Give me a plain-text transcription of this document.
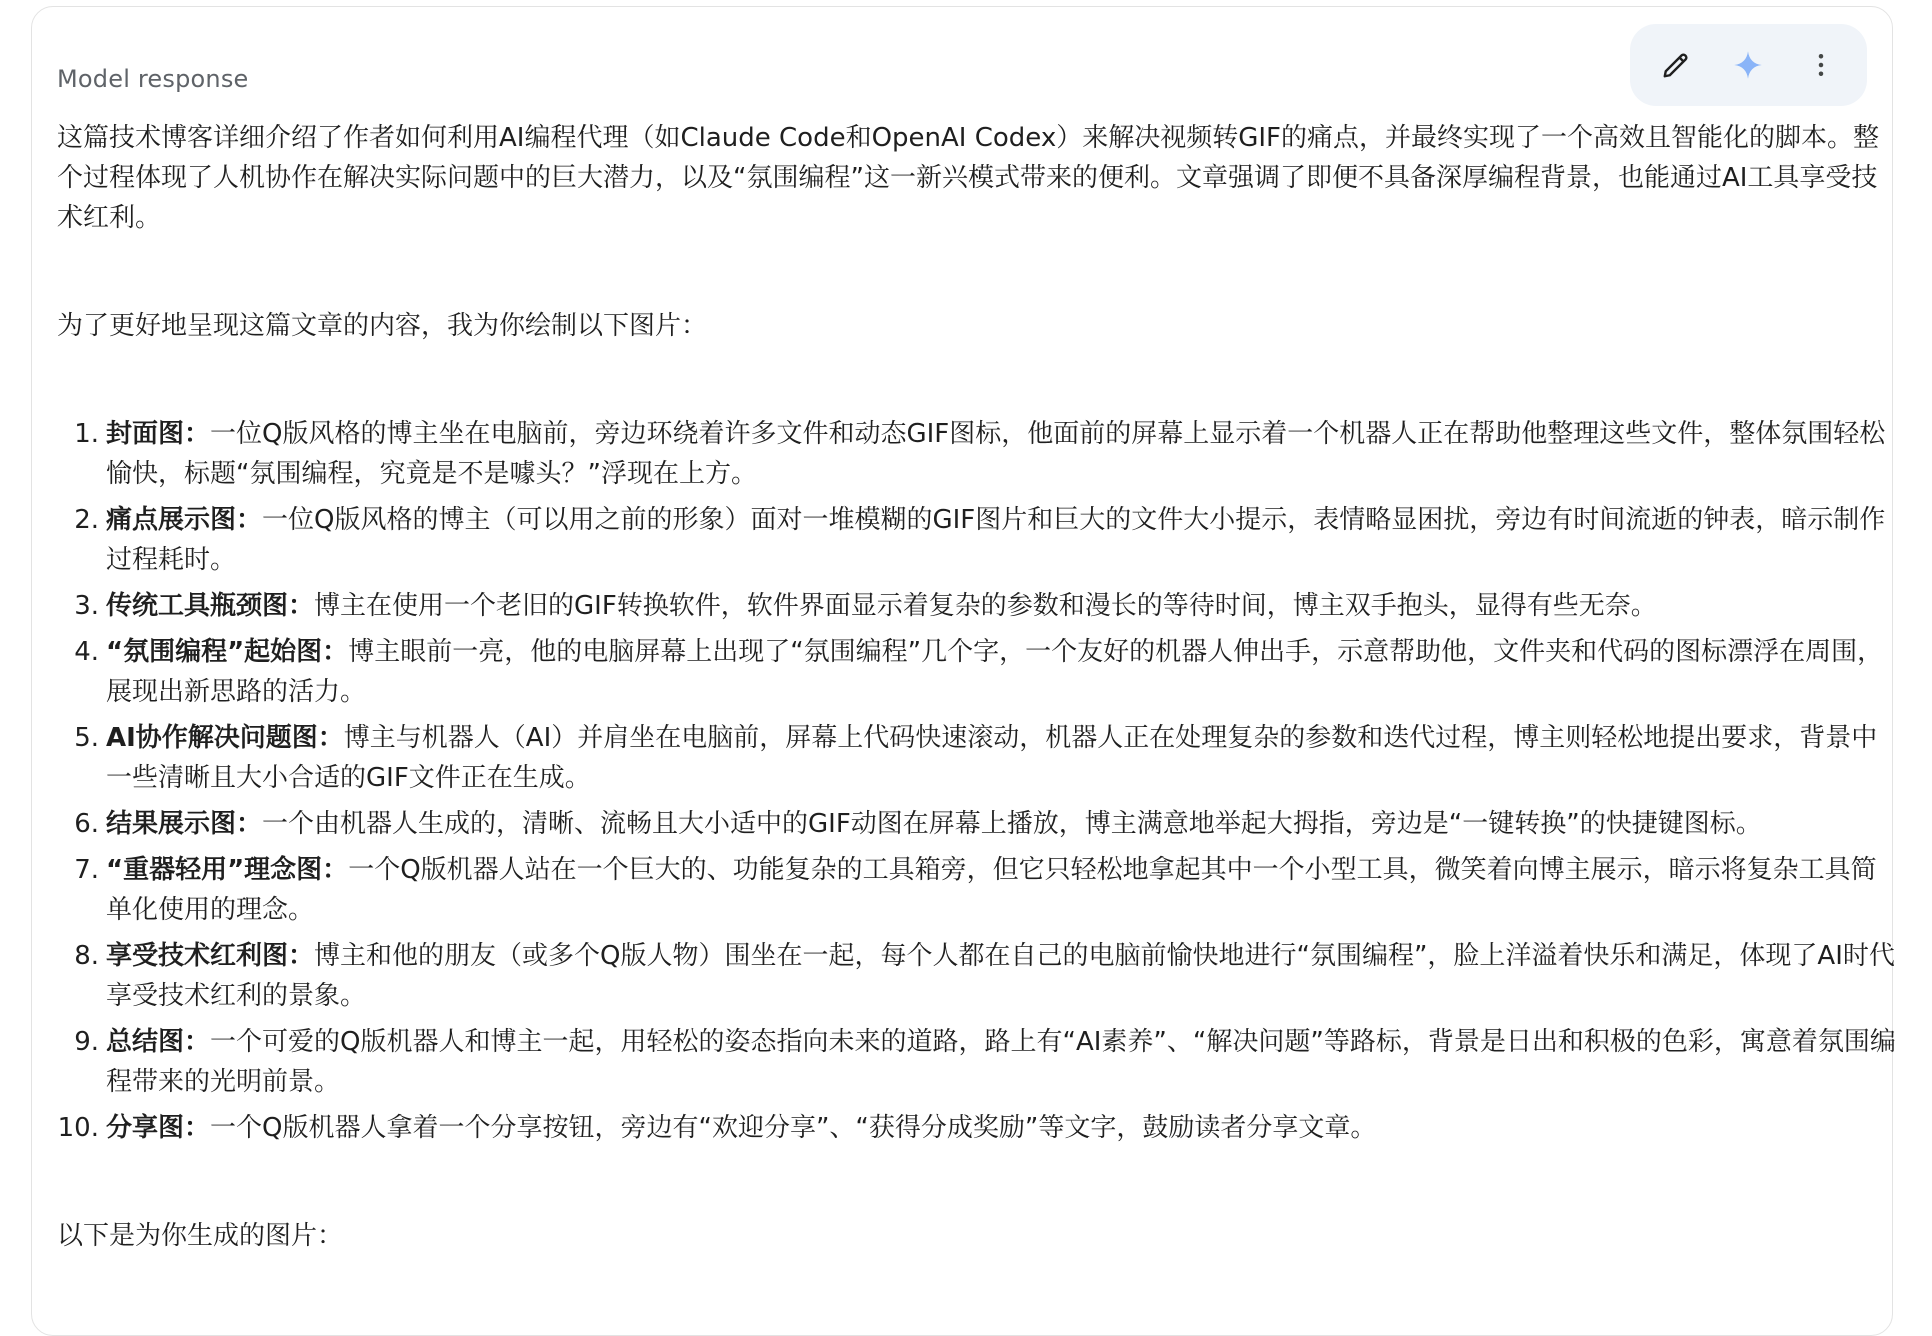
Model response

这篇技术博客详细介绍了作者如何利用AI编程代理（如Claude Code和OpenAI Codex）来解决视频转GIF的痛点，并最终实现了一个高效且智能化的脚本。整个过程体现了人机协作在解决实际问题中的巨大潜力，以及“氛围编程”这一新兴模式带来的便利。文章强调了即便不具备深厚编程背景，也能通过AI工具享受技术红利。

为了更好地呈现这篇文章的内容，我为你绘制以下图片：

1. 封面图：一位Q版风格的博主坐在电脑前，旁边环绕着许多文件和动态GIF图标，他面前的屏幕上显示着一个机器人正在帮助他整理这些文件，整体氛围轻松愉快，标题“氛围编程，究竟是不是噱头？”浮现在上方。
2. 痛点展示图：一位Q版风格的博主（可以用之前的形象）面对一堆模糊的GIF图片和巨大的文件大小提示，表情略显困扰，旁边有时间流逝的钟表，暗示制作过程耗时。
3. 传统工具瓶颈图：博主在使用一个老旧的GIF转换软件，软件界面显示着复杂的参数和漫长的等待时间，博主双手抱头，显得有些无奈。
4. “氛围编程”起始图：博主眼前一亮，他的电脑屏幕上出现了“氛围编程”几个字，一个友好的机器人伸出手，示意帮助他，文件夹和代码的图标漂浮在周围，展现出新思路的活力。
5. AI协作解决问题图：博主与机器人（AI）并肩坐在电脑前，屏幕上代码快速滚动，机器人正在处理复杂的参数和迭代过程，博主则轻松地提出要求，背景中一些清晰且大小合适的GIF文件正在生成。
6. 结果展示图：一个由机器人生成的，清晰、流畅且大小适中的GIF动图在屏幕上播放，博主满意地举起大拇指，旁边是“一键转换”的快捷键图标。
7. “重器轻用”理念图：一个Q版机器人站在一个巨大的、功能复杂的工具箱旁，但它只轻松地拿起其中一个小型工具，微笑着向博主展示，暗示将复杂工具简单化使用的理念。
8. 享受技术红利图：博主和他的朋友（或多个Q版人物）围坐在一起，每个人都在自己的电脑前愉快地进行“氛围编程”，脸上洋溢着快乐和满足，体现了AI时代享受技术红利的景象。
9. 总结图：一个可爱的Q版机器人和博主一起，用轻松的姿态指向未来的道路，路上有“AI素养”、“解决问题”等路标，背景是日出和积极的色彩，寓意着氛围编程带来的光明前景。
10. 分享图：一个Q版机器人拿着一个分享按钮，旁边有“欢迎分享”、“获得分成奖励”等文字，鼓励读者分享文章。

以下是为你生成的图片：
